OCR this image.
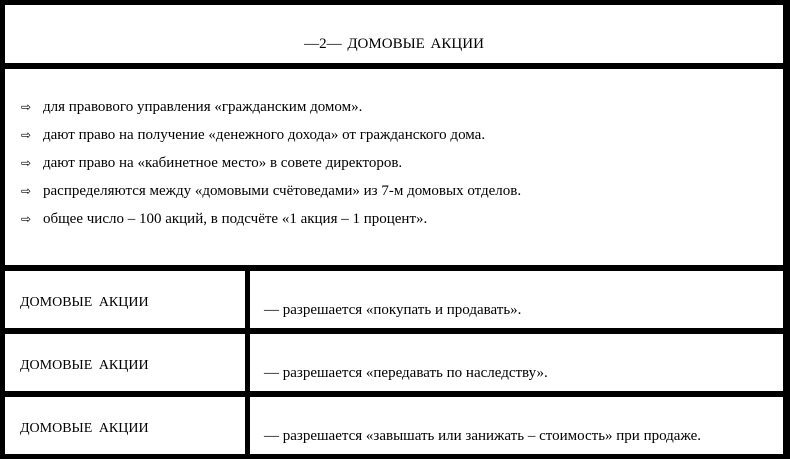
—2— ДОМОВЫЕ АКЦИИ
⇨ для правового управления «гражданским домом».
⇨ дают право на получение «денежного дохода» от гражданского дома.
⇨ дают право на «кабинетное место» в совете директоров.
⇨ распределяются между «домовыми счётоведами» из 7-м домовых отделов.
⇨ общее число – 100 акций, в подсчёте «1 акция – 1 процент».
ДОМОВЫЕ АКЦИИ	— разрешается «покупать и продавать».
ДОМОВЫЕ АКЦИИ	— разрешается «передавать по наследству».
ДОМОВЫЕ АКЦИИ	— разрешается «завышать или занижать – стоимость» при продаже.
